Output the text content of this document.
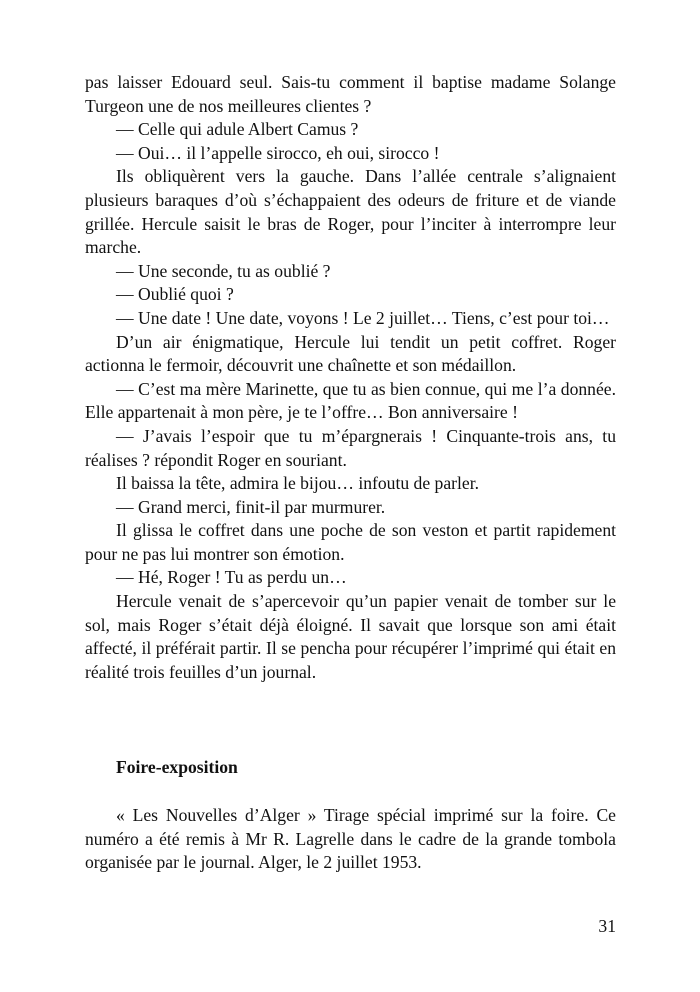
pas laisser Edouard seul. Sais-tu comment il baptise madame Solange Turgeon une de nos meilleures clientes ?

— Celle qui adule Albert Camus ?

— Oui… il l’appelle sirocco, eh oui, sirocco !

Ils obliquèrent vers la gauche. Dans l’allée centrale s’alignaient plusieurs baraques d’où s’échappaient des odeurs de friture et de viande grillée. Hercule saisit le bras de Roger, pour l’inciter à interrompre leur marche.

— Une seconde, tu as oublié ?

— Oublié quoi ?

— Une date ! Une date, voyons ! Le 2 juillet… Tiens, c’est pour toi…

D’un air énigmatique, Hercule lui tendit un petit coffret. Roger actionna le fermoir, découvrit une chaînette et son médaillon.

— C’est ma mère Marinette, que tu as bien connue, qui me l’a donnée. Elle appartenait à mon père, je te l’offre… Bon anniversaire !

— J’avais l’espoir que tu m’épargnerais ! Cinquante-trois ans, tu réalises ? répondit Roger en souriant.

Il baissa la tête, admira le bijou… infoutu de parler.

— Grand merci, finit-il par murmurer.

Il glissa le coffret dans une poche de son veston et partit rapidement pour ne pas lui montrer son émotion.

— Hé, Roger ! Tu as perdu un…

Hercule venait de s’apercevoir qu’un papier venait de tomber sur le sol, mais Roger s’était déjà éloigné. Il savait que lorsque son ami était affecté, il préférait partir. Il se pencha pour récupérer l’imprimé qui était en réalité trois feuilles d’un journal.

Foire-exposition

« Les Nouvelles d’Alger » Tirage spécial imprimé sur la foire. Ce numéro a été remis à Mr R. Lagrelle dans le cadre de la grande tombola organisée par le journal. Alger, le 2 juillet 1953.

31
